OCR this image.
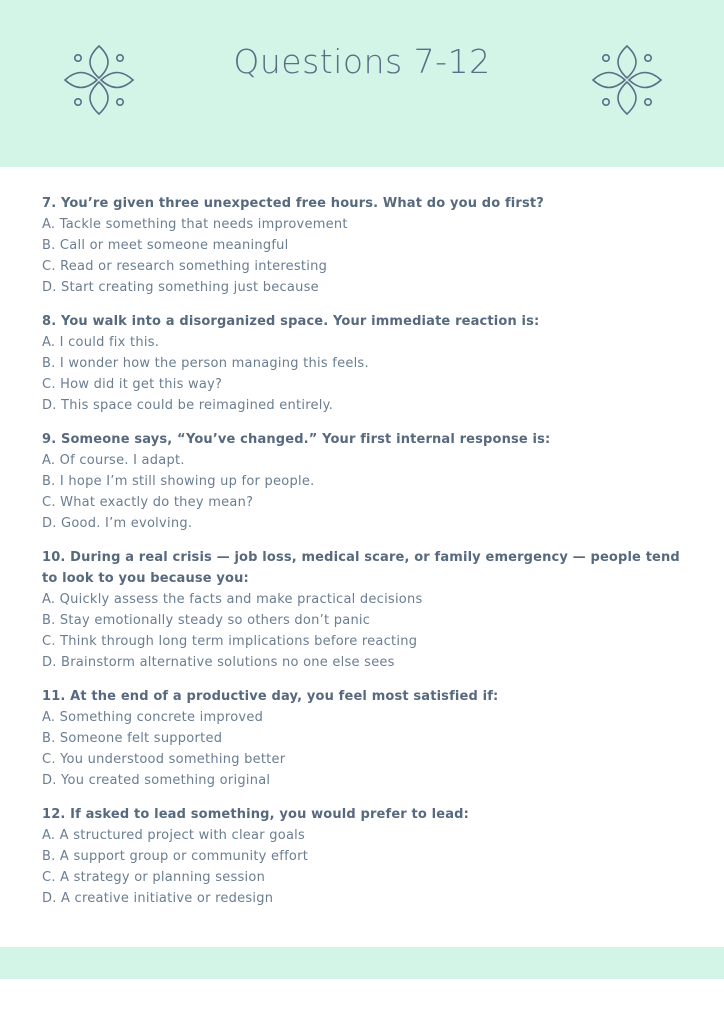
Questions 7-12

7. You’re given three unexpected free hours. What do you do first?

A. Tackle something that needs improvement

B. Call or meet someone meaningful

C. Read or research something interesting

D. Start creating something just because

8. You walk into a disorganized space. Your immediate reaction is:

A. I could fix this.

B. I wonder how the person managing this feels.

C. How did it get this way?

D. This space could be reimagined entirely.

9. Someone says, “You’ve changed.” Your first internal response is:

A. Of course. I adapt.

B. I hope I’m still showing up for people.

C. What exactly do they mean?

D. Good. I’m evolving.

10. During a real crisis — job loss, medical scare, or family emergency — people tend to look to you because you:

A. Quickly assess the facts and make practical decisions

B. Stay emotionally steady so others don’t panic

C. Think through long term implications before reacting

D. Brainstorm alternative solutions no one else sees

11. At the end of a productive day, you feel most satisfied if:

A. Something concrete improved

B. Someone felt supported

C. You understood something better

D. You created something original

12. If asked to lead something, you would prefer to lead:

A. A structured project with clear goals

B. A support group or community effort

C. A strategy or planning session

D. A creative initiative or redesign
